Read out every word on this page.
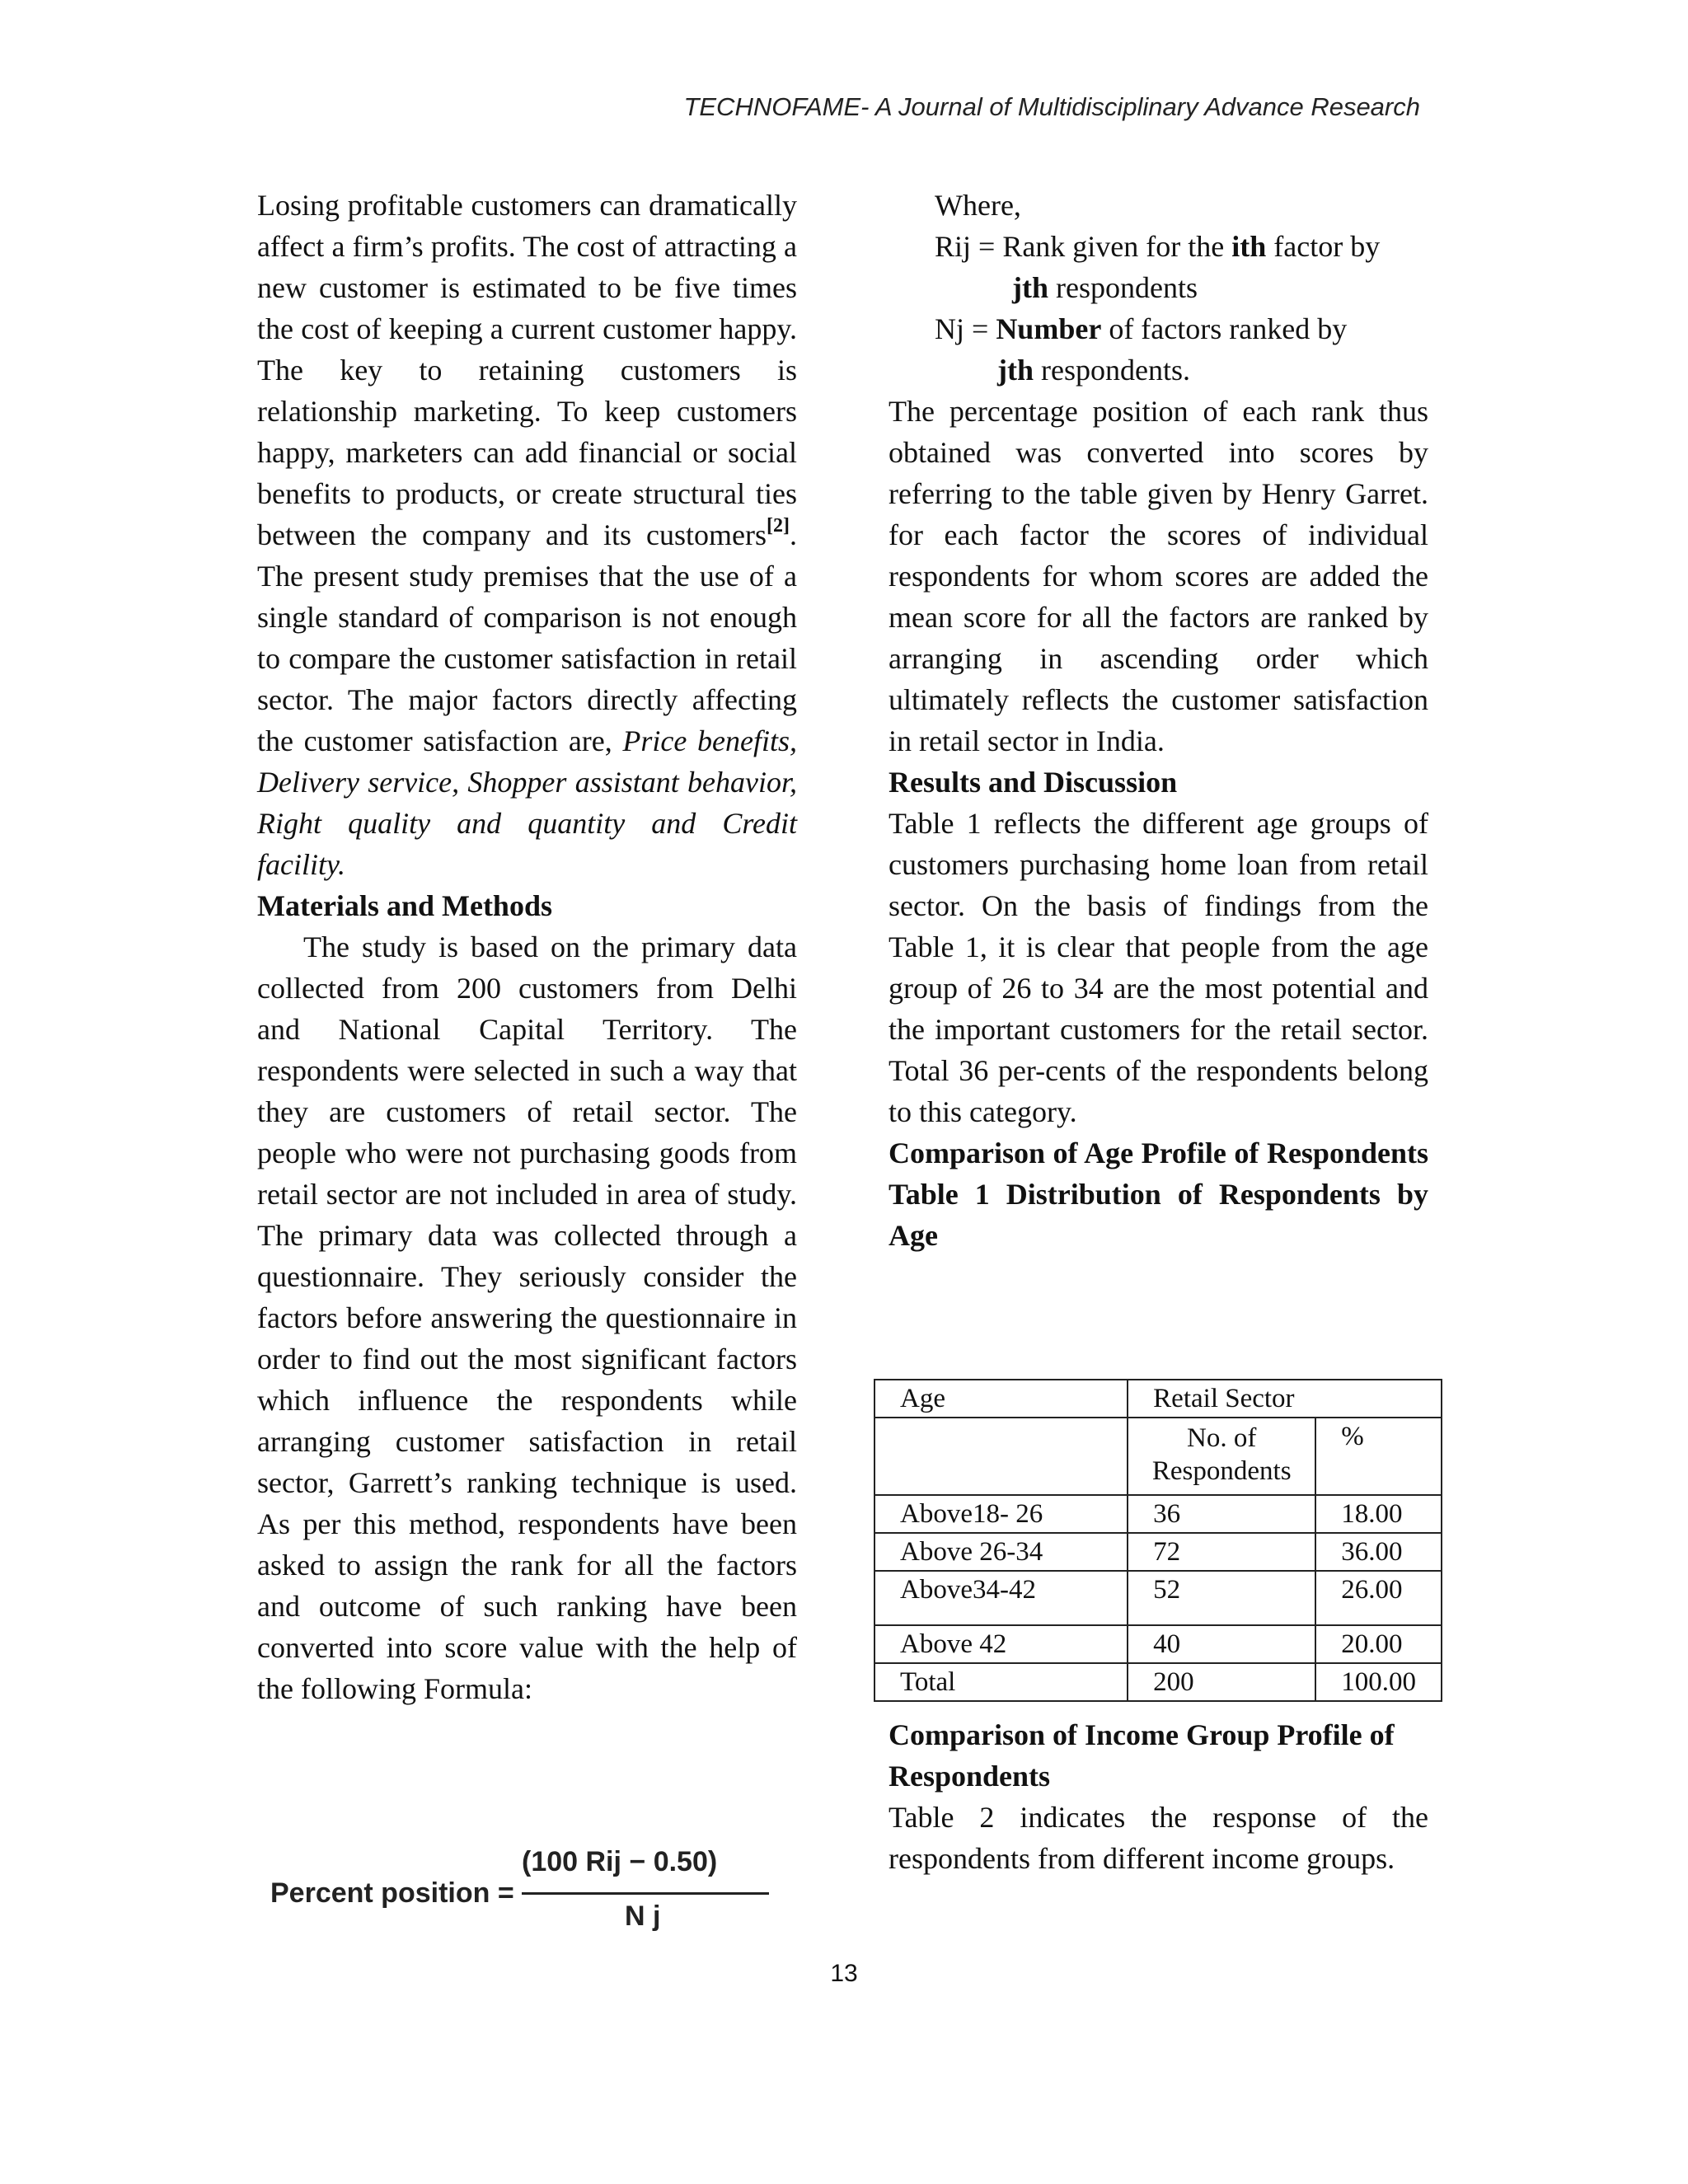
TECHNOFAME- A Journal of Multidisciplinary Advance Research

Losing profitable customers can dramatically affect a firm’s profits. The cost of attracting a new customer is estimated to be five times the cost of keeping a current customer happy. The key to retaining customers is relationship marketing. To keep customers happy, marketers can add financial or social benefits to products, or create structural ties between the company and its customers[2]. The present study premises that the use of a single standard of comparison is not enough to compare the customer satisfaction in retail sector. The major factors directly affecting the customer satisfaction are, Price benefits, Delivery service, Shopper assistant behavior, Right quality and quantity and Credit facility.

Materials and Methods

The study is based on the primary data collected from 200 customers from Delhi and National Capital Territory. The respondents were selected in such a way that they are customers of retail sector. The people who were not purchasing goods from retail sector are not included in area of study. The primary data was collected through a questionnaire. They seriously consider the factors before answering the questionnaire in order to find out the most significant factors which influence the respondents while arranging customer satisfaction in retail sector, Garrett’s ranking technique is used. As per this method, respondents have been asked to assign the rank for all the factors and outcome of such ranking have been converted into score value with the help of the following Formula:

Percent position =
(100 Rij − 0.50)
N j

Where,

Rij = Rank given for the ith factor by

jth respondents

Nj = Number of factors ranked by

jth respondents.

The percentage position of each rank thus obtained was converted into scores by referring to the table given by Henry Garret. for each factor the scores of individual respondents for whom scores are added the mean score for all the factors are ranked by arranging in ascending order which ultimately reflects the customer satisfaction in retail sector in India.

Results and Discussion

Table 1 reflects the different age groups of customers purchasing home loan from retail sector. On the basis of findings from the Table 1, it is clear that people from the age group of 26 to 34 are the most potential and the important customers for the retail sector. Total 36 per-cents of the respondents belong to this category.

Comparison of Age Profile of Respondents

Table 1 Distribution of Respondents by Age

Age	Retail Sector	
	No. of Respondents	%
Above18- 26	36	18.00
Above 26-34	72	36.00
Above34-42	52	26.00
Above 42	40	20.00
Total	200	100.00

Comparison of Income Group Profile of Respondents

Table 2 indicates the response of the respondents from different income groups.

13
